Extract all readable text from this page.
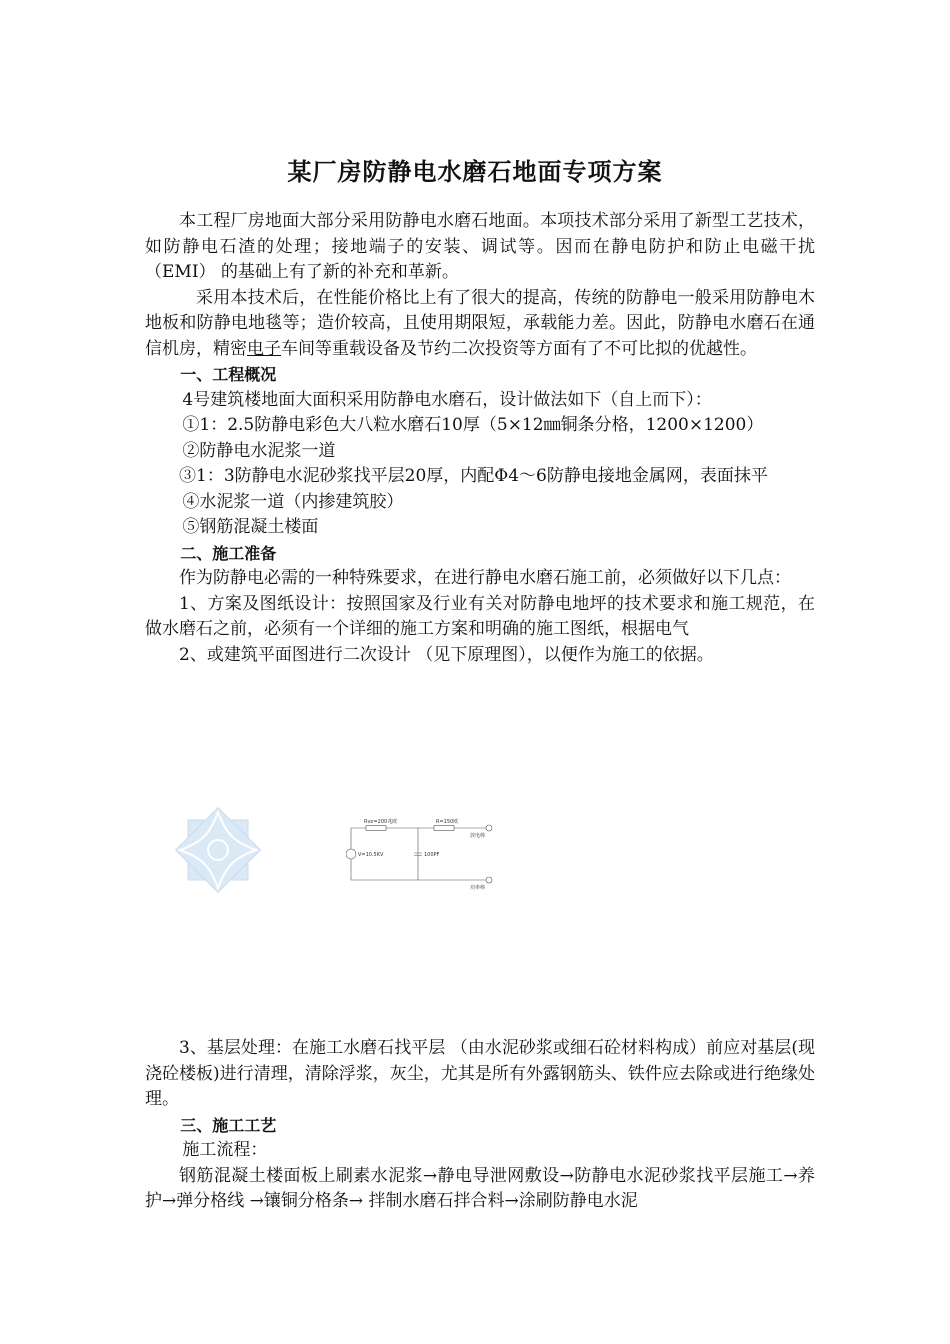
某厂房防静电水磨石地面专项方案

本工程厂房地面大部分采用防静电水磨石地面。本项技术部分采用了新型工艺技术，如防静电石渣的处理；接地端子的安装、调试等。因而在静电防护和防止电磁干扰（EMI） 的基础上有了新的补充和革新。

采用本技术后，在性能价格比上有了很大的提高，传统的防静电一般采用防静电木地板和防静电地毯等；造价较高，且使用期限短，承载能力差。因此，防静电水磨石在通信机房，精密电子车间等重载设备及节约二次投资等方面有了不可比拟的优越性。

一、工程概况

4号建筑楼地面大面积采用防静电水磨石，设计做法如下（自上而下）：

①1：2.5防静电彩色大八粒水磨石10厚（5×12㎜铜条分格，1200×1200）

②防静电水泥浆一道

③1：3防静电水泥砂浆找平层20厚，内配Φ4～6防静电接地金属网，表面抹平

④水泥浆一道（内掺建筑胶）

⑤钢筋混凝土楼面

二、施工准备

作为防静电必需的一种特殊要求，在进行静电水磨石施工前，必须做好以下几点：

1、方案及图纸设计：按照国家及行业有关对防静电地坪的技术要求和施工规范，在做水磨石之前，必须有一个详细的施工方案和明确的施工图纸，根据电气

2、或建筑平面图进行二次设计 （见下原理图），以便作为施工的依据。

Rvo=200兆欧	R=150欧
V=10.5KV	100PF
放电棒
功率棒

3、基层处理：在施工水磨石找平层 （由水泥砂浆或细石砼材料构成）前应对基层(现浇砼楼板)进行清理，清除浮浆，灰尘，尤其是所有外露钢筋头、铁件应去除或进行绝缘处理。

三、施工工艺

施工流程：

钢筋混凝土楼面板上刷素水泥浆→静电导泄网敷设→防静电水泥砂浆找平层施工→养护→弹分格线 →镶铜分格条→ 拌制水磨石拌合料→涂刷防静电水泥
